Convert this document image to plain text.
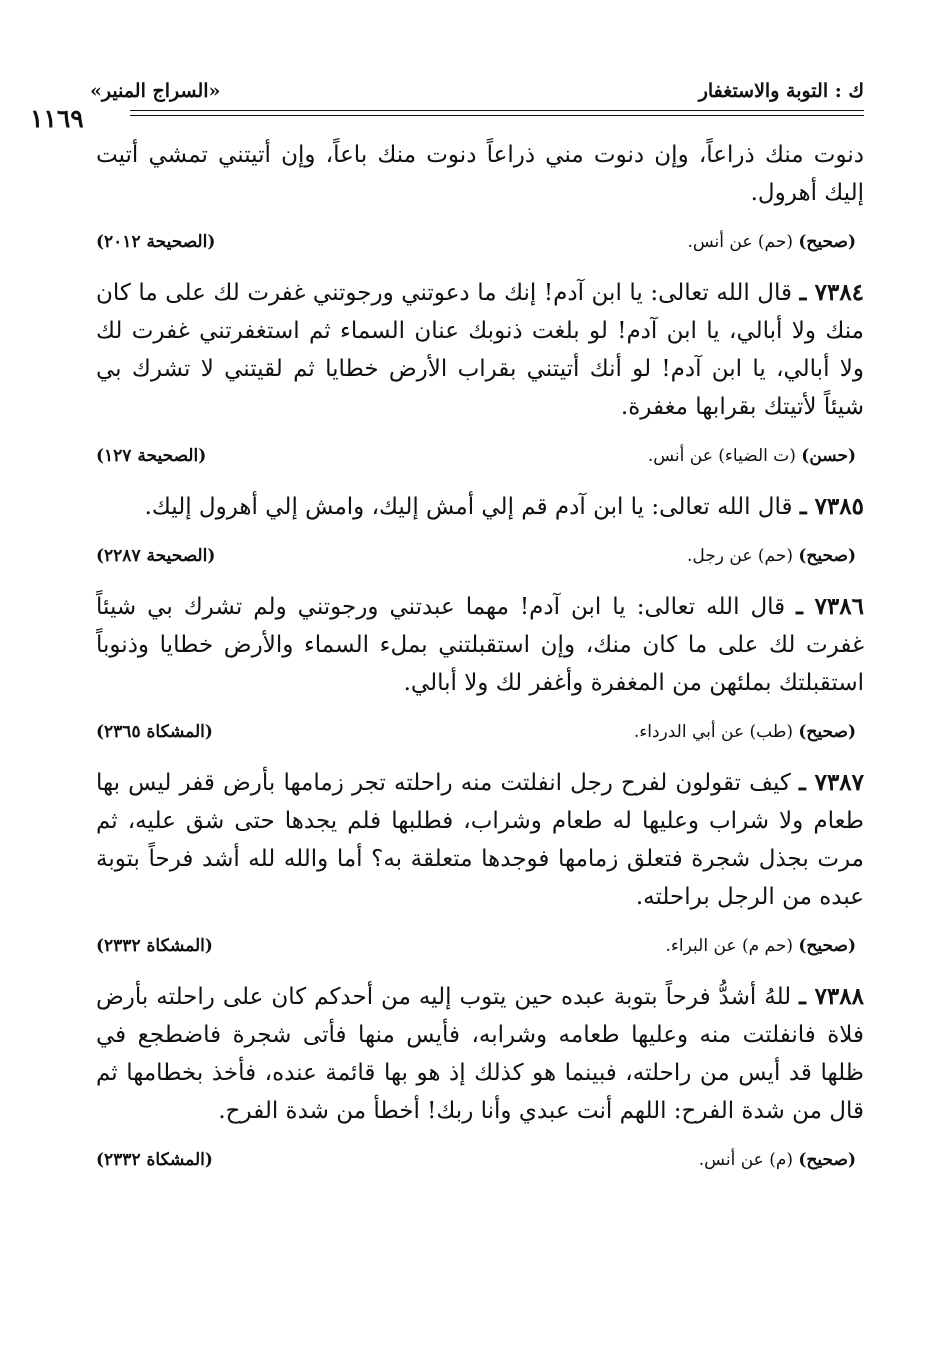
ك : التوبة والاستغفار
«السراج المنير»
١١٦٩

دنوت منك ذراعاً، وإن دنوت مني ذراعاً دنوت منك باعاً، وإن أتيتني تمشي أتيت إليك أهرول.

(صحيح) (حم) عن أنس.
(الصحيحة ٢٠١٢)

٧٣٨٤ ـ قال الله تعالى: يا ابن آدم! إنك ما دعوتني ورجوتني غفرت لك على ما كان منك ولا أبالي، يا ابن آدم! لو بلغت ذنوبك عنان السماء ثم استغفرتني غفرت لك ولا أبالي، يا ابن آدم! لو أنك أتيتني بقراب الأرض خطايا ثم لقيتني لا تشرك بي شيئاً لأتيتك بقرابها مغفرة.

(حسن) (ت الضياء) عن أنس.
(الصحيحة ١٢٧)

٧٣٨٥ ـ قال الله تعالى: يا ابن آدم قم إلي أمش إليك، وامش إلي أهرول إليك.

(صحيح) (حم) عن رجل.
(الصحيحة ٢٢٨٧)

٧٣٨٦ ـ قال الله تعالى: يا ابن آدم! مهما عبدتني ورجوتني ولم تشرك بي شيئاً غفرت لك على ما كان منك، وإن استقبلتني بملء السماء والأرض خطايا وذنوباً استقبلتك بملئهن من المغفرة وأغفر لك ولا أبالي.

(صحيح) (طب) عن أبي الدرداء.
(المشكاة ٢٣٦٥)

٧٣٨٧ ـ كيف تقولون لفرح رجل انفلتت منه راحلته تجر زمامها بأرض قفر ليس بها طعام ولا شراب وعليها له طعام وشراب، فطلبها فلم يجدها حتى شق عليه، ثم مرت بجذل شجرة فتعلق زمامها فوجدها متعلقة به؟ أما والله لله أشد فرحاً بتوبة عبده من الرجل براحلته.

(صحيح) (حم م) عن البراء.
(المشكاة ٢٣٣٢)

٧٣٨٨ ـ للهُ أشدُّ فرحاً بتوبة عبده حين يتوب إليه من أحدكم كان على راحلته بأرض فلاة فانفلتت منه وعليها طعامه وشرابه، فأيس منها فأتى شجرة فاضطجع في ظلها قد أيس من راحلته، فبينما هو كذلك إذ هو بها قائمة عنده، فأخذ بخطامها ثم قال من شدة الفرح: اللهم أنت عبدي وأنا ربك! أخطأ من شدة الفرح.

(صحيح) (م) عن أنس.
(المشكاة ٢٣٣٢)
